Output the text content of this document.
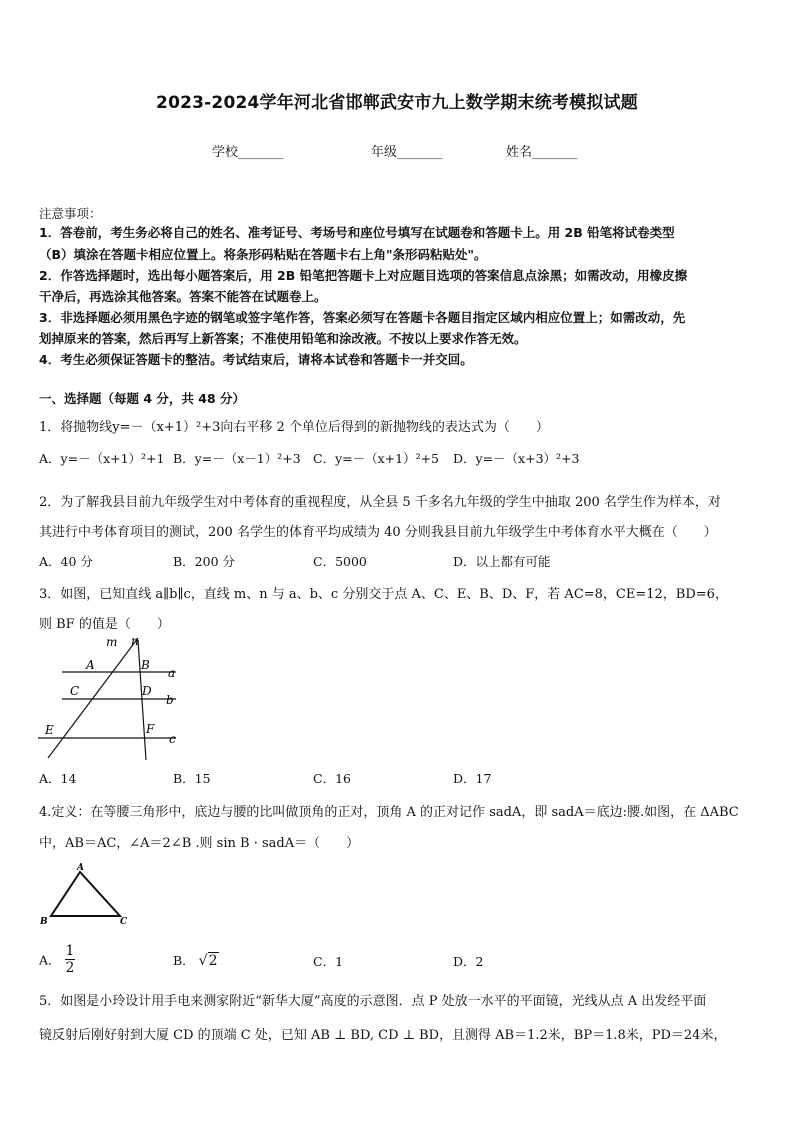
2023-2024学年河北省邯郸武安市九上数学期末统考模拟试题
学校_______	年级_______	姓名_______
注意事项：
1．答卷前，考生务必将自己的姓名、准考证号、考场号和座位号填写在试题卷和答题卡上。用 2B 铅笔将试卷类型
（B）填涂在答题卡相应位置上。将条形码粘贴在答题卡右上角"条形码粘贴处"。
2．作答选择题时，选出每小题答案后，用 2B 铅笔把答题卡上对应题目选项的答案信息点涂黑；如需改动，用橡皮擦
干净后，再选涂其他答案。答案不能答在试题卷上。
3．非选择题必须用黑色字迹的钢笔或签字笔作答，答案必须写在答题卡各题目指定区域内相应位置上；如需改动，先
划掉原来的答案，然后再写上新答案；不准使用铅笔和涂改液。不按以上要求作答无效。
4．考生必须保证答题卡的整洁。考试结束后，请将本试卷和答题卡一并交回。
一、选择题（每题 4 分，共 48 分）
1．将抛物线y=－（x+1）²+3向右平移 2 个单位后得到的新抛物线的表达式为（　　）
A．y=－（x+1）²+1 B．y=－（x－1）²+3 C．y=－（x+1）²+5 D．y=－（x+3）²+3
2．为了解我县目前九年级学生对中考体育的重视程度，从全县 5 千多名九年级的学生中抽取 200 名学生作为样本，对
其进行中考体育项目的测试，200 名学生的体育平均成绩为 40 分则我县目前九年级学生中考体育水平大概在（　　）
A．40 分	B．200 分	C．5000	D．以上都有可能
3．如图，已知直线 a∥b∥c，直线 m、n 与 a、b、c 分别交于点 A、C、E、B、D、F，若 AC=8，CE=12，BD=6，
则 BF 的值是（　　）
m n
A	B
a
C	D
b
E	F
c
A．14	B．15	C．16	D．17
4.定义：在等腰三角形中，底边与腰的比叫做顶角的正对，顶角 A 的正对记作 sadA，即 sadA＝底边:腰.如图，在 ΔABC
中，AB＝AC，∠A＝2∠B .则 sin B · sadA＝（　　）
A
B	C
A． $\frac{1}{2}$	B． √2	C．1	D．2
5．如图是小玲设计用手电来测家附近“新华大厦”高度的示意图．点 P 处放一水平的平面镜，光线从点 A 出发经平面
镜反射后刚好射到大厦 CD 的顶端 C 处，已知 AB ⊥ BD, CD ⊥ BD，且测得 AB＝1.2米，BP＝1.8米，PD＝24米，
